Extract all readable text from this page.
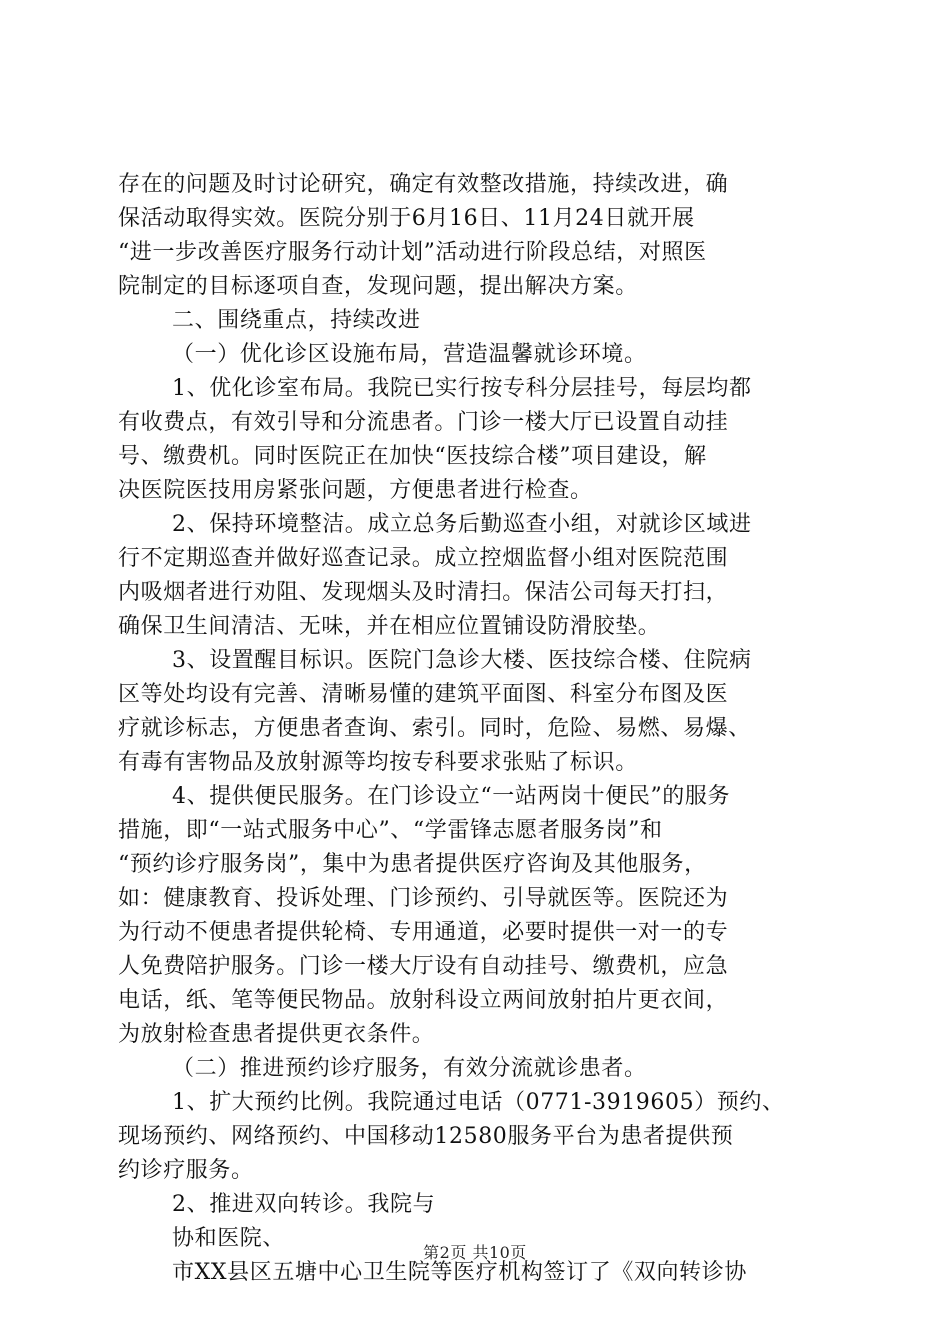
存在的问题及时讨论研究，确定有效整改措施，持续改进，确
保活动取得实效。医院分别于6月16日、11月24日就开展
“进一步改善医疗服务行动计划”活动进行阶段总结，对照医
院制定的目标逐项自查，发现问题，提出解决方案。
二、围绕重点，持续改进
（一）优化诊区设施布局，营造温馨就诊环境。
1、优化诊室布局。我院已实行按专科分层挂号，每层均都
有收费点，有效引导和分流患者。门诊一楼大厅已设置自动挂
号、缴费机。同时医院正在加快“医技综合楼”项目建设，解
决医院医技用房紧张问题，方便患者进行检查。
2、保持环境整洁。成立总务后勤巡查小组，对就诊区域进
行不定期巡查并做好巡查记录。成立控烟监督小组对医院范围
内吸烟者进行劝阻、发现烟头及时清扫。保洁公司每天打扫，
确保卫生间清洁、无味，并在相应位置铺设防滑胶垫。
3、设置醒目标识。医院门急诊大楼、医技综合楼、住院病
区等处均设有完善、清晰易懂的建筑平面图、科室分布图及医
疗就诊标志，方便患者查询、索引。同时，危险、易燃、易爆、
有毒有害物品及放射源等均按专科要求张贴了标识。
4、提供便民服务。在门诊设立“一站两岗十便民”的服务
措施，即“一站式服务中心”、“学雷锋志愿者服务岗”和
“预约诊疗服务岗”，集中为患者提供医疗咨询及其他服务，
如：健康教育、投诉处理、门诊预约、引导就医等。医院还为
为行动不便患者提供轮椅、专用通道，必要时提供一对一的专
人免费陪护服务。门诊一楼大厅设有自动挂号、缴费机，应急
电话，纸、笔等便民物品。放射科设立两间放射拍片更衣间，
为放射检查患者提供更衣条件。
（二）推进预约诊疗服务，有效分流就诊患者。
1、扩大预约比例。我院通过电话（0771-3919605）预约、
现场预约、网络预约、中国移动12580服务平台为患者提供预
约诊疗服务。
2、推进双向转诊。我院与
协和医院、
市XX县区五塘中心卫生院等医疗机构签订了《双向转诊协
第2页 共10页
